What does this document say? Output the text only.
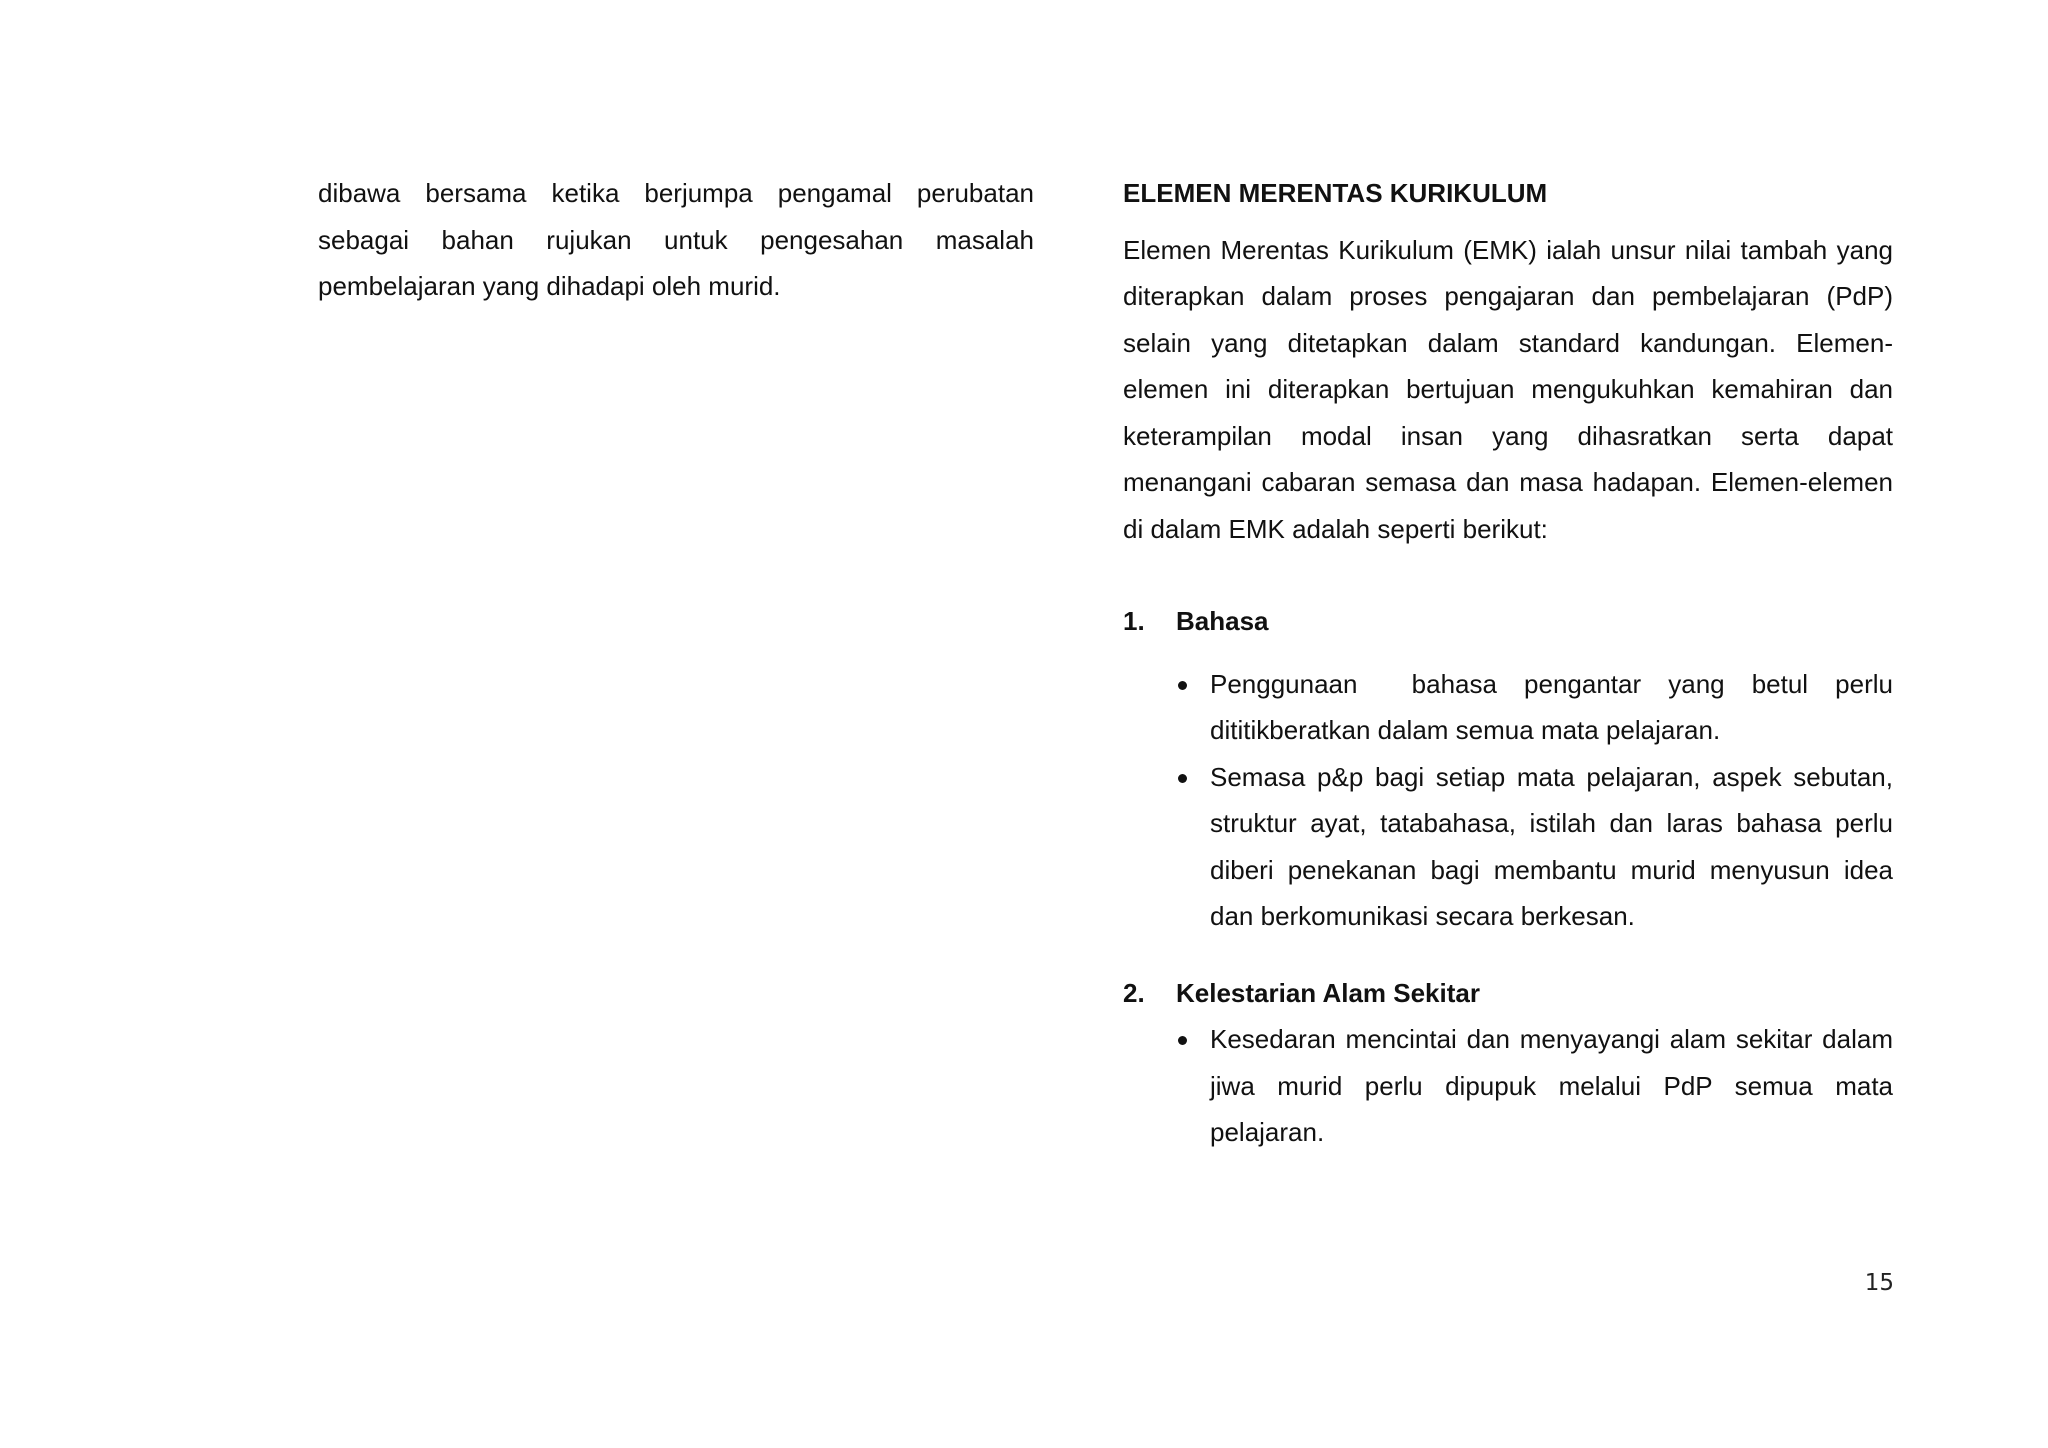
dibawa bersama ketika berjumpa pengamal perubatan sebagai bahan rujukan untuk pengesahan masalah pembelajaran yang dihadapi oleh murid.

ELEMEN MERENTAS KURIKULUM

Elemen Merentas Kurikulum (EMK) ialah unsur nilai tambah yang diterapkan dalam proses pengajaran dan pembelajaran (PdP) selain yang ditetapkan dalam standard kandungan. Elemen-elemen ini diterapkan bertujuan mengukuhkan kemahiran dan keterampilan modal insan yang dihasratkan serta dapat menangani cabaran semasa dan masa hadapan. Elemen-elemen di dalam EMK adalah seperti berikut:

1.	Bahasa
Penggunaan  bahasa pengantar yang betul perlu dititikberatkan dalam semua mata pelajaran.
Semasa p&p bagi setiap mata pelajaran, aspek sebutan, struktur ayat, tatabahasa, istilah dan laras bahasa perlu diberi penekanan bagi membantu murid menyusun idea dan berkomunikasi secara berkesan.
2.	Kelestarian Alam Sekitar
Kesedaran mencintai dan menyayangi alam sekitar dalam jiwa murid perlu dipupuk melalui PdP semua mata pelajaran.
15
